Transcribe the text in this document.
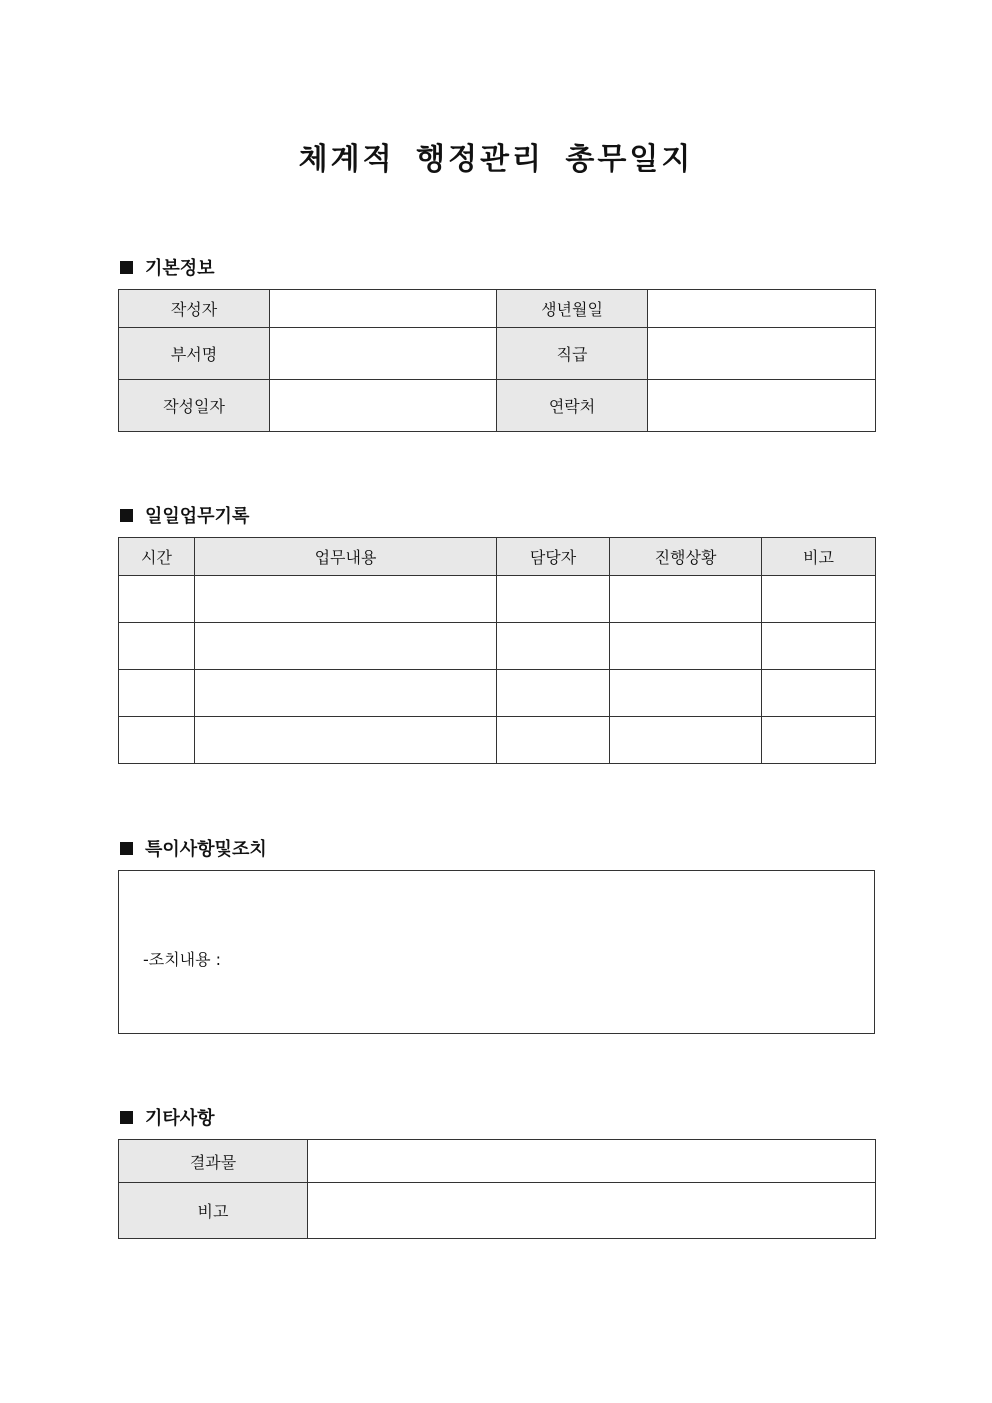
체계적 행정관리 총무일지
기본정보
작성자		생년월일	
부서명		직급	
작성일자		연락처	
일일업무기록
시간	업무내용	담당자	진행상황	비고

특이사항및조치
-조치내용 :
기타사항
결과물	
비고	
